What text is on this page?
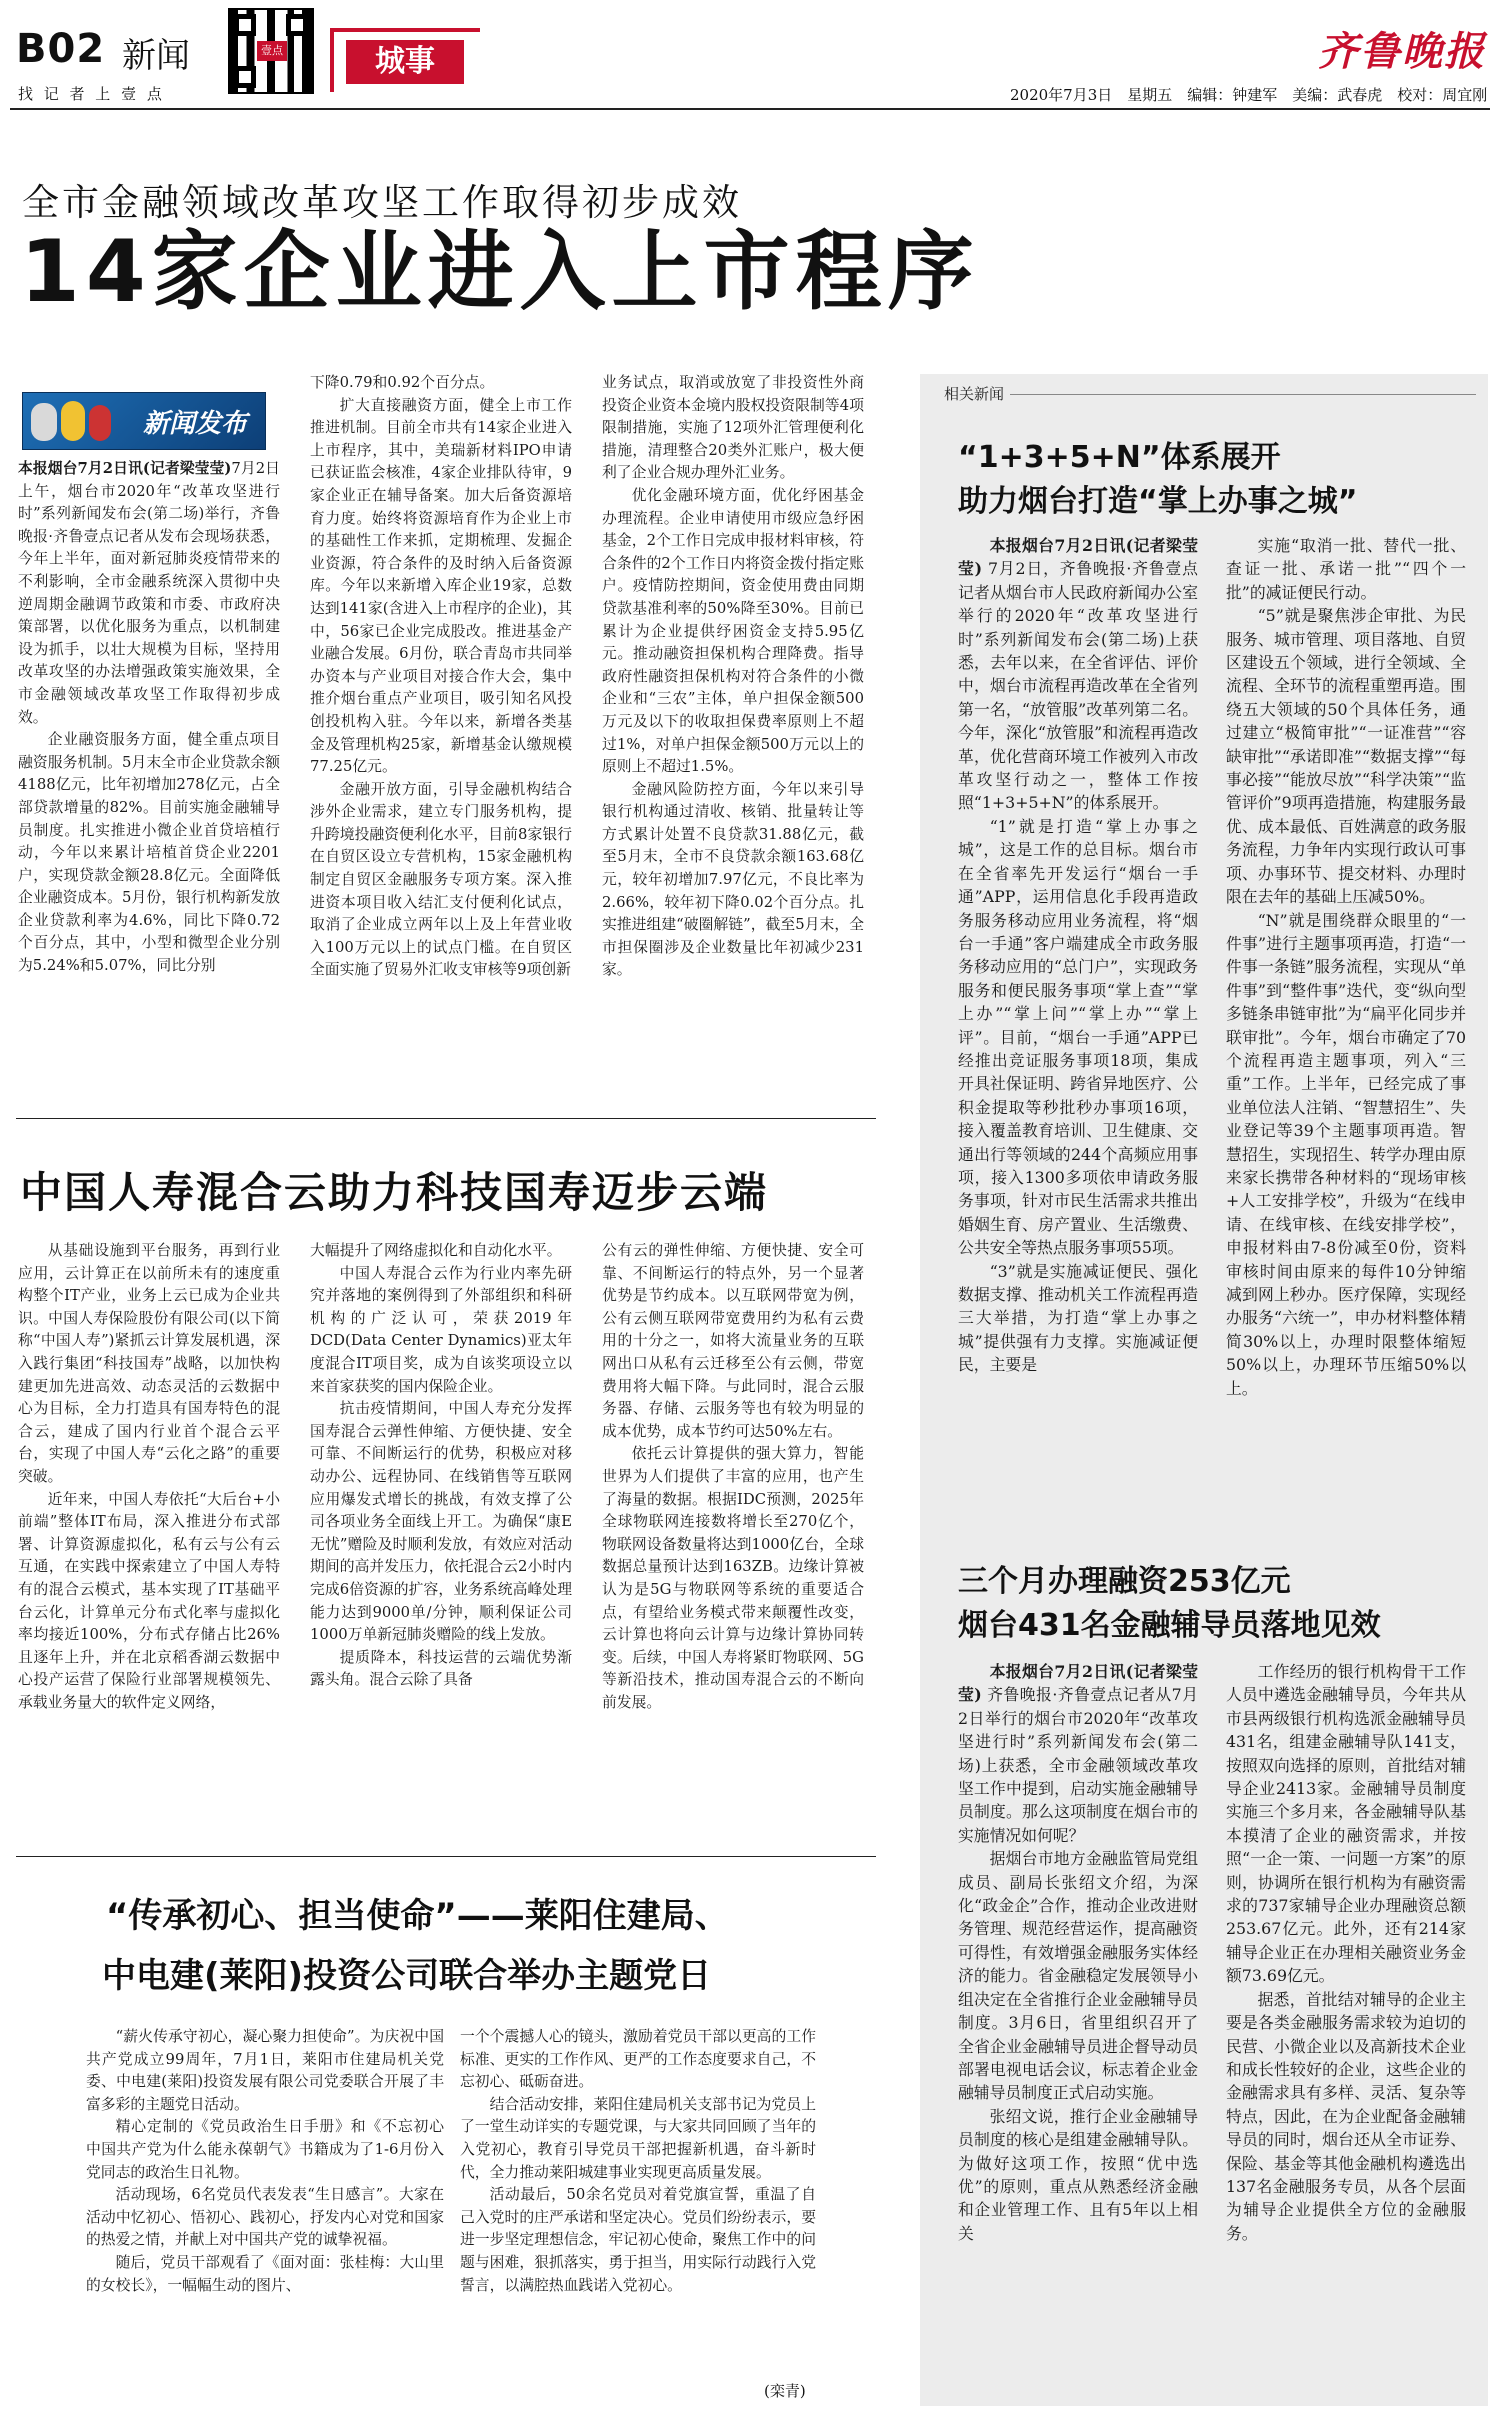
B02 新闻
找 记 者 上 壹 点
壹点	城事	齐鲁晚报
2020年7月3日　星期五　编辑：钟建军　美编：武春虎　校对：周宜刚
全市金融领域改革攻坚工作取得初步成效
14家企业进入上市程序
新闻发布

本报烟台7月2日讯(记者梁莹莹)7月2日上午，烟台市2020年“改革攻坚进行时”系列新闻发布会(第二场)举行，齐鲁晚报·齐鲁壹点记者从发布会现场获悉，今年上半年，面对新冠肺炎疫情带来的不利影响，全市金融系统深入贯彻中央逆周期金融调节政策和市委、市政府决策部署，以优化服务为重点，以机制建设为抓手，以壮大规模为目标，坚持用改革攻坚的办法增强政策实施效果，全市金融领域改革攻坚工作取得初步成效。

企业融资服务方面，健全重点项目融资服务机制。5月末全市企业贷款余额4188亿元，比年初增加278亿元，占全部贷款增量的82%。目前实施金融辅导员制度。扎实推进小微企业首贷培植行动，今年以来累计培植首贷企业2201户，实现贷款金额28.8亿元。全面降低企业融资成本。5月份，银行机构新发放企业贷款利率为4.6%，同比下降0.72个百分点，其中，小型和微型企业分别为5.24%和5.07%，同比分别

下降0.79和0.92个百分点。

扩大直接融资方面，健全上市工作推进机制。目前全市共有14家企业进入上市程序，其中，美瑞新材料IPO申请已获证监会核准，4家企业排队待审，9家企业正在辅导备案。加大后备资源培育力度。始终将资源培育作为企业上市的基础性工作来抓，定期梳理、发掘企业资源，符合条件的及时纳入后备资源库。今年以来新增入库企业19家，总数达到141家(含进入上市程序的企业)，其中，56家已企业完成股改。推进基金产业融合发展。6月份，联合青岛市共同举办资本与产业项目对接合作大会，集中推介烟台重点产业项目，吸引知名风投创投机构入驻。今年以来，新增各类基金及管理机构25家，新增基金认缴规模77.25亿元。

金融开放方面，引导金融机构结合涉外企业需求，建立专门服务机构，提升跨境投融资便利化水平，目前8家银行在自贸区设立专营机构，15家金融机构制定自贸区金融服务专项方案。深入推进资本项目收入结汇支付便利化试点，取消了企业成立两年以上及上年营业收入100万元以上的试点门槛。在自贸区全面实施了贸易外汇收支审核等9项创新

业务试点，取消或放宽了非投资性外商投资企业资本金境内股权投资限制等4项限制措施，实施了12项外汇管理便利化措施，清理整合20类外汇账户，极大便利了企业合规办理外汇业务。

优化金融环境方面，优化纾困基金办理流程。企业申请使用市级应急纾困基金，2个工作日完成申报材料审核，符合条件的2个工作日内将资金拨付指定账户。疫情防控期间，资金使用费由同期贷款基准利率的50%降至30%。目前已累计为企业提供纾困资金支持5.95亿元。推动融资担保机构合理降费。指导政府性融资担保机构对符合条件的小微企业和“三农”主体，单户担保金额500万元及以下的收取担保费率原则上不超过1%，对单户担保金额500万元以上的原则上不超过1.5%。

金融风险防控方面，今年以来引导银行机构通过清收、核销、批量转让等方式累计处置不良贷款31.88亿元，截至5月末，全市不良贷款余额163.68亿元，较年初增加7.97亿元，不良比率为2.66%，较年初下降0.02个百分点。扎实推进组建“破圈解链”，截至5月末，全市担保圈涉及企业数量比年初减少231家。

中国人寿混合云助力科技国寿迈步云端

从基础设施到平台服务，再到行业应用，云计算正在以前所未有的速度重构整个IT产业，业务上云已成为企业共识。中国人寿保险股份有限公司(以下简称“中国人寿”)紧抓云计算发展机遇，深入践行集团“科技国寿”战略，以加快构建更加先进高效、动态灵活的云数据中心为目标，全力打造具有国寿特色的混合云，建成了国内行业首个混合云平台，实现了中国人寿“云化之路”的重要突破。

近年来，中国人寿依托“大后台+小前端”整体IT布局，深入推进分布式部署、计算资源虚拟化，私有云与公有云互通，在实践中探索建立了中国人寿特有的混合云模式，基本实现了IT基础平台云化，计算单元分布式化率与虚拟化率均接近100%，分布式存储占比26%且逐年上升，并在北京稻香湖云数据中心投产运营了保险行业部署规模领先、承载业务量大的软件定义网络，

大幅提升了网络虚拟化和自动化水平。

中国人寿混合云作为行业内率先研究并落地的案例得到了外部组织和科研机构的广泛认可，荣获2019年DCD(Data Center Dynamics)亚太年度混合IT项目奖，成为自该奖项设立以来首家获奖的国内保险企业。

抗击疫情期间，中国人寿充分发挥国寿混合云弹性伸缩、方便快捷、安全可靠、不间断运行的优势，积极应对移动办公、远程协同、在线销售等互联网应用爆发式增长的挑战，有效支撑了公司各项业务全面线上开工。为确保“康E无忧”赠险及时顺利发放，有效应对活动期间的高并发压力，依托混合云2小时内完成6倍资源的扩容，业务系统高峰处理能力达到9000单/分钟，顺利保证公司1000万单新冠肺炎赠险的线上发放。

提质降本，科技运营的云端优势渐露头角。混合云除了具备

公有云的弹性伸缩、方便快捷、安全可靠、不间断运行的特点外，另一个显著优势是节约成本。以互联网带宽为例，公有云侧互联网带宽费用约为私有云费用的十分之一，如将大流量业务的互联网出口从私有云迁移至公有云侧，带宽费用将大幅下降。与此同时，混合云服务器、存储、云服务等也有较为明显的成本优势，成本节约可达50%左右。

依托云计算提供的强大算力，智能世界为人们提供了丰富的应用，也产生了海量的数据。根据IDC预测，2025年全球物联网连接数将增长至270亿个，物联网设备数量将达到1000亿台，全球数据总量预计达到163ZB。边缘计算被认为是5G与物联网等系统的重要适合点，有望给业务模式带来颠覆性改变，云计算也将向云计算与边缘计算协同转变。后续，中国人寿将紧盯物联网、5G等新沿技术，推动国寿混合云的不断向前发展。

“传承初心、担当使命”——莱阳住建局、
中电建(莱阳)投资公司联合举办主题党日

“薪火传承守初心，凝心聚力担使命”。为庆祝中国共产党成立99周年，7月1日，莱阳市住建局机关党委、中电建(莱阳)投资发展有限公司党委联合开展了丰富多彩的主题党日活动。

精心定制的《党员政治生日手册》和《不忘初心 中国共产党为什么能永葆朝气》书籍成为了1-6月份入党同志的政治生日礼物。

活动现场，6名党员代表发表“生日感言”。大家在活动中忆初心、悟初心、践初心，抒发内心对党和国家的热爱之情，并献上对中国共产党的诚挚祝福。

随后，党员干部观看了《面对面：张桂梅：大山里的女校长》，一幅幅生动的图片、

一个个震撼人心的镜头，激励着党员干部以更高的工作标准、更实的工作作风、更严的工作态度要求自己，不忘初心、砥砺奋进。

结合活动安排，莱阳住建局机关支部书记为党员上了一堂生动详实的专题党课，与大家共同回顾了当年的入党初心，教育引导党员干部把握新机遇，奋斗新时代，全力推动莱阳城建事业实现更高质量发展。

活动最后，50余名党员对着党旗宣誓，重温了自己入党时的庄严承诺和坚定决心。党员们纷纷表示，要进一步坚定理想信念，牢记初心使命，聚焦工作中的问题与困难，狠抓落实，勇于担当，用实际行动践行入党誓言，以满腔热血践诺入党初心。

(栾青)
相关新闻
“1+3+5+N”体系展开
助力烟台打造“掌上办事之城”

本报烟台7月2日讯(记者梁莹莹) 7月2日，齐鲁晚报·齐鲁壹点记者从烟台市人民政府新闻办公室举行的2020年“改革攻坚进行时”系列新闻发布会(第二场)上获悉，去年以来，在全省评估、评价中，烟台市流程再造改革在全省列第一名，“放管服”改革列第二名。今年，深化“放管服”和流程再造改革，优化营商环境工作被列入市改革攻坚行动之一，整体工作按照“1+3+5+N”的体系展开。

“1”就是打造“掌上办事之城”，这是工作的总目标。烟台市在全省率先开发运行“烟台一手通”APP，运用信息化手段再造政务服务移动应用业务流程，将“烟台一手通”客户端建成全市政务服务移动应用的“总门户”，实现政务服务和便民服务事项“掌上查”“掌上办”“掌上问”“掌上办”“掌上评”。目前，“烟台一手通”APP已经推出竞证服务事项18项，集成开具社保证明、跨省异地医疗、公积金提取等秒批秒办事项16项，接入覆盖教育培训、卫生健康、交通出行等领域的244个高频应用事项，接入1300多项依申请政务服务事项，针对市民生活需求共推出婚姻生育、房产置业、生活缴费、公共安全等热点服务事项55项。

“3”就是实施减证便民、强化数据支撑、推动机关工作流程再造三大举措，为打造“掌上办事之城”提供强有力支撑。实施减证便民，主要是

实施“取消一批、替代一批、查证一批、承诺一批”“四个一批”的减证便民行动。

“5”就是聚焦涉企审批、为民服务、城市管理、项目落地、自贸区建设五个领域，进行全领域、全流程、全环节的流程重塑再造。围绕五大领域的50个具体任务，通过建立“极简审批”“一证准营”“容缺审批”“承诺即准”“数据支撑”“每事必接”“能放尽放”“科学决策”“监管评价”9项再造措施，构建服务最优、成本最低、百姓满意的政务服务流程，力争年内实现行政认可事项、办事环节、提交材料、办理时限在去年的基础上压减50%。

“N”就是围绕群众眼里的“一件事”进行主题事项再造，打造“一件事一条链”服务流程，实现从“单件事”到“整件事”迭代，变“纵向型多链条串链审批”为“扁平化同步并联审批”。今年，烟台市确定了70个流程再造主题事项，列入“三重”工作。上半年，已经完成了事业单位法人注销、“智慧招生”、失业登记等39个主题事项再造。智慧招生，实现招生、转学办理由原来家长携带各种材料的“现场审核+人工安排学校”，升级为“在线申请、在线审核、在线安排学校”，申报材料由7-8份减至0份，资料审核时间由原来的每件10分钟缩减到网上秒办。医疗保障，实现经办服务“六统一”，申办材料整体精简30%以上，办理时限整体缩短50%以上，办理环节压缩50%以上。

三个月办理融资253亿元
烟台431名金融辅导员落地见效

本报烟台7月2日讯(记者梁莹莹) 齐鲁晚报·齐鲁壹点记者从7月2日举行的烟台市2020年“改革攻坚进行时”系列新闻发布会(第二场)上获悉，全市金融领域改革攻坚工作中提到，启动实施金融辅导员制度。那么这项制度在烟台市的实施情况如何呢？

据烟台市地方金融监管局党组成员、副局长张绍文介绍，为深化“政金企”合作，推动企业改进财务管理、规范经营运作，提高融资可得性，有效增强金融服务实体经济的能力。省金融稳定发展领导小组决定在全省推行企业金融辅导员制度。3月6日，省里组织召开了全省企业金融辅导员进企督导动员部署电视电话会议，标志着企业金融辅导员制度正式启动实施。

张绍文说，推行企业金融辅导员制度的核心是组建金融辅导队。为做好这项工作，按照“优中选优”的原则，重点从熟悉经济金融和企业管理工作、且有5年以上相关

工作经历的银行机构骨干工作人员中遴选金融辅导员，今年共从市县两级银行机构选派金融辅导员431名，组建金融辅导队141支，按照双向选择的原则，首批结对辅导企业2413家。金融辅导员制度实施三个多月来，各金融辅导队基本摸清了企业的融资需求，并按照“一企一策、一问题一方案”的原则，协调所在银行机构为有融资需求的737家辅导企业办理融资总额253.67亿元。此外，还有214家辅导企业正在办理相关融资业务金额73.69亿元。

据悉，首批结对辅导的企业主要是各类金融服务需求较为迫切的民营、小微企业以及高新技术企业和成长性较好的企业，这些企业的金融需求具有多样、灵活、复杂等特点，因此，在为企业配备金融辅导员的同时，烟台还从全市证券、保险、基金等其他金融机构遴选出137名金融服务专员，从各个层面为辅导企业提供全方位的金融服务。
